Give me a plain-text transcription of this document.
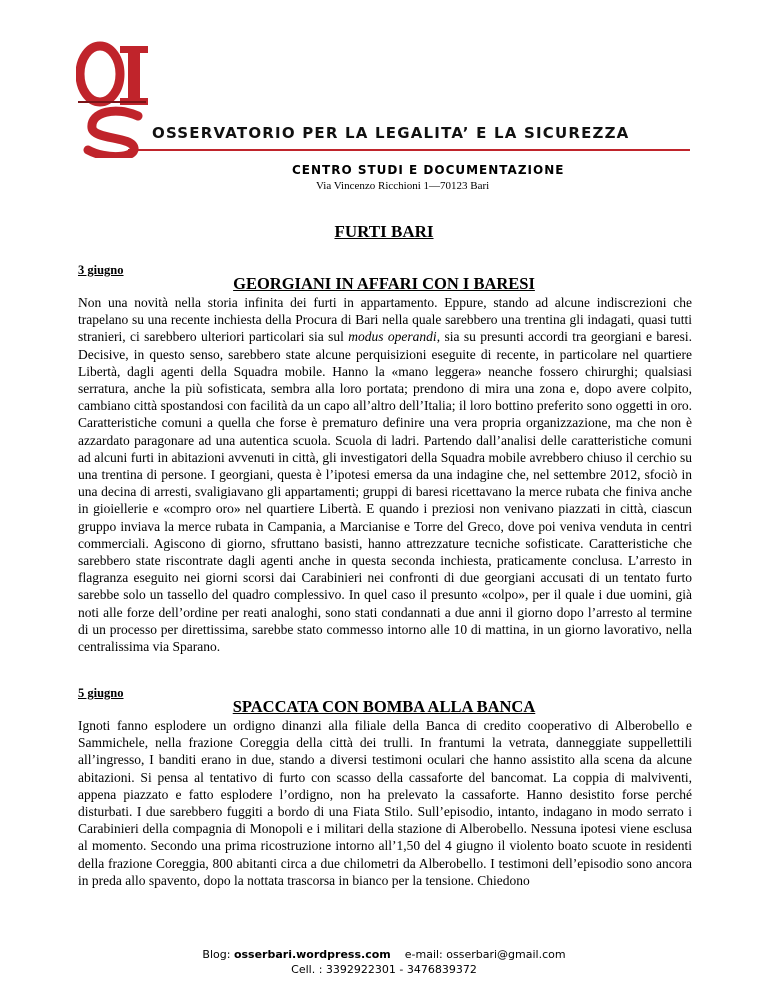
OSSERVATORIO PER LA LEGALITA’ E LA SICUREZZA
CENTRO STUDI E DOCUMENTAZIONE
Via Vincenzo Ricchioni 1—70123 Bari
FURTI BARI
3 giugno
GEORGIANI IN AFFARI CON I BARESI

Non una novità nella storia infinita dei furti in appartamento. Eppure, stando ad alcune indiscrezioni che trapelano su una recente inchiesta della Procura di Bari nella quale sarebbero una trentina gli indagati, quasi tutti stranieri, ci sarebbero ulteriori particolari sia sul modus operandi, sia su presunti accordi tra georgiani e baresi. Decisive, in questo senso, sarebbero state alcune perquisizioni eseguite di recente, in particolare nel quartiere Libertà, dagli agenti della Squadra mobile. Hanno la «mano leggera» neanche fossero chirurghi; qualsiasi serratura, anche la più sofisticata, sembra alla loro portata; prendono di mira una zona e, dopo avere colpito, cambiano città spostandosi con facilità da un capo all’altro dell’Italia; il loro bottino preferito sono oggetti in oro. Caratteristiche comuni a quella che forse è prematuro definire una vera propria organizzazione, ma che non è azzardato paragonare ad una autentica scuola. Scuola di ladri. Partendo dall’analisi delle caratteristiche comuni ad alcuni furti in abitazioni avvenuti in città, gli investigatori della Squadra mobile avrebbero chiuso il cerchio su una trentina di persone. I georgiani, questa è l’ipotesi emersa da una indagine che, nel settembre 2012, sfociò in una decina di arresti, svaligiavano gli appartamenti; gruppi di baresi ricettavano la merce rubata che finiva anche in gioiellerie e «compro oro» nel quartiere Libertà. E quando i preziosi non venivano piazzati in città, ciascun gruppo inviava la merce rubata in Campania, a Marcianise e Torre del Greco, dove poi veniva venduta in centri commerciali. Agiscono di giorno, sfruttano basisti, hanno attrezzature tecniche sofisticate. Caratteristiche che sarebbero state riscontrate dagli agenti anche in questa seconda inchiesta, praticamente conclusa. L’arresto in flagranza eseguito nei giorni scorsi dai Carabinieri nei confronti di due georgiani accusati di un tentato furto sarebbe solo un tassello del quadro complessivo. In quel caso il presunto «colpo», per il quale i due uomini, già noti alle forze dell’ordine per reati analoghi, sono stati condannati a due anni il giorno dopo l’arresto al termine di un processo per direttissima, sarebbe stato commesso intorno alle 10 di mattina, in un giorno lavorativo, nella centralissima via Sparano.

5 giugno
SPACCATA CON BOMBA ALLA BANCA

Ignoti fanno esplodere un ordigno dinanzi alla filiale della Banca di credito cooperativo di Alberobello e Sammichele, nella frazione Coreggia della città dei trulli. In frantumi la vetrata, danneggiate suppellettili all’ingresso, I banditi erano in due, stando a diversi testimoni oculari che hanno assistito alla scena da alcune abitazioni. Si pensa al tentativo di furto con scasso della cassaforte del bancomat. La coppia di malviventi, appena piazzato e fatto esplodere l’ordigno, non ha prelevato la cassaforte. Hanno desistito forse perché disturbati. I due sarebbero fuggiti a bordo di una Fiata Stilo. Sull’episodio, intanto, indagano in modo serrato i Carabinieri della compagnia di Monopoli e i militari della stazione di Alberobello. Nessuna ipotesi viene esclusa al momento. Secondo una prima ricostruzione intorno all’1,50 del 4 giugno il violento boato scuote in residenti della frazione Coreggia, 800 abitanti circa a due chilometri da Alberobello. I testimoni dell’episodio sono ancora in preda allo spavento, dopo la nottata trascorsa in bianco per la tensione. Chiedono

Blog: osserbari.wordpress.com e-mail: osserbari@gmail.com
Cell. : 3392922301 - 3476839372
